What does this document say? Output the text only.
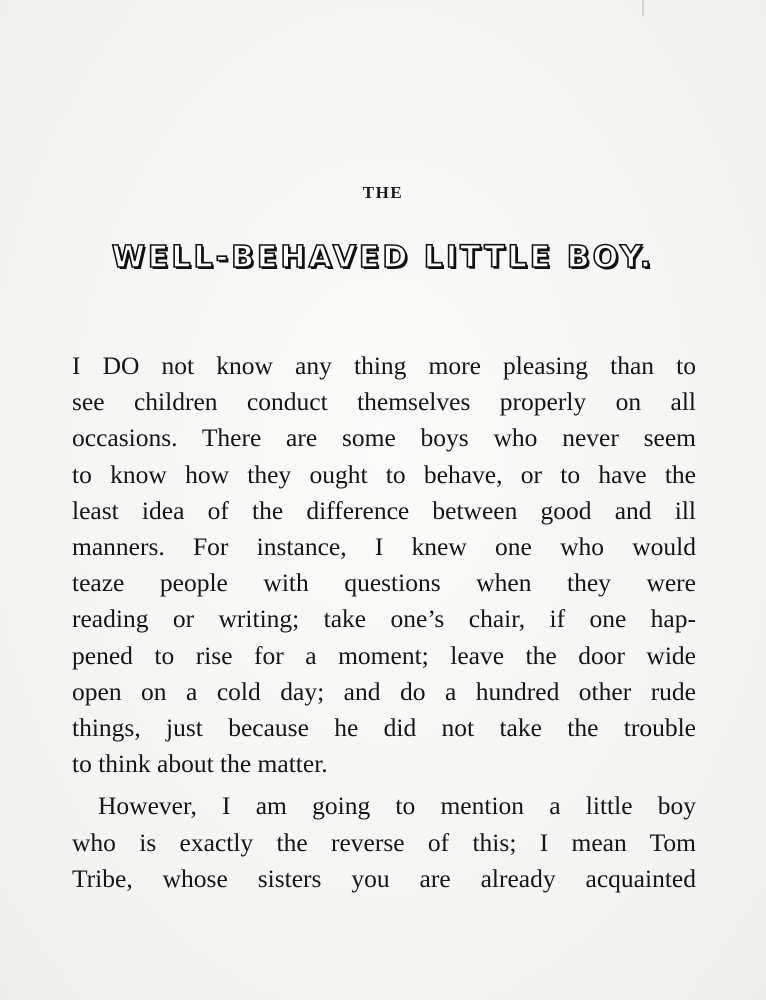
THE
WELL-BEHAVED LITTLE BOY.

I DO not know any thing more pleasing than to
see children conduct themselves properly on all
occasions. There are some boys who never seem
to know how they ought to behave, or to have the
least idea of the difference between good and ill
manners. For instance, I knew one who would
teaze people with questions when they were
reading or writing; take one’s chair, if one hap-
pened to rise for a moment; leave the door wide
open on a cold day; and do a hundred other rude
things, just because he did not take the trouble
to think about the matter.

However, I am going to mention a little boy
who is exactly the reverse of this; I mean Tom
Tribe, whose sisters you are already acquainted
